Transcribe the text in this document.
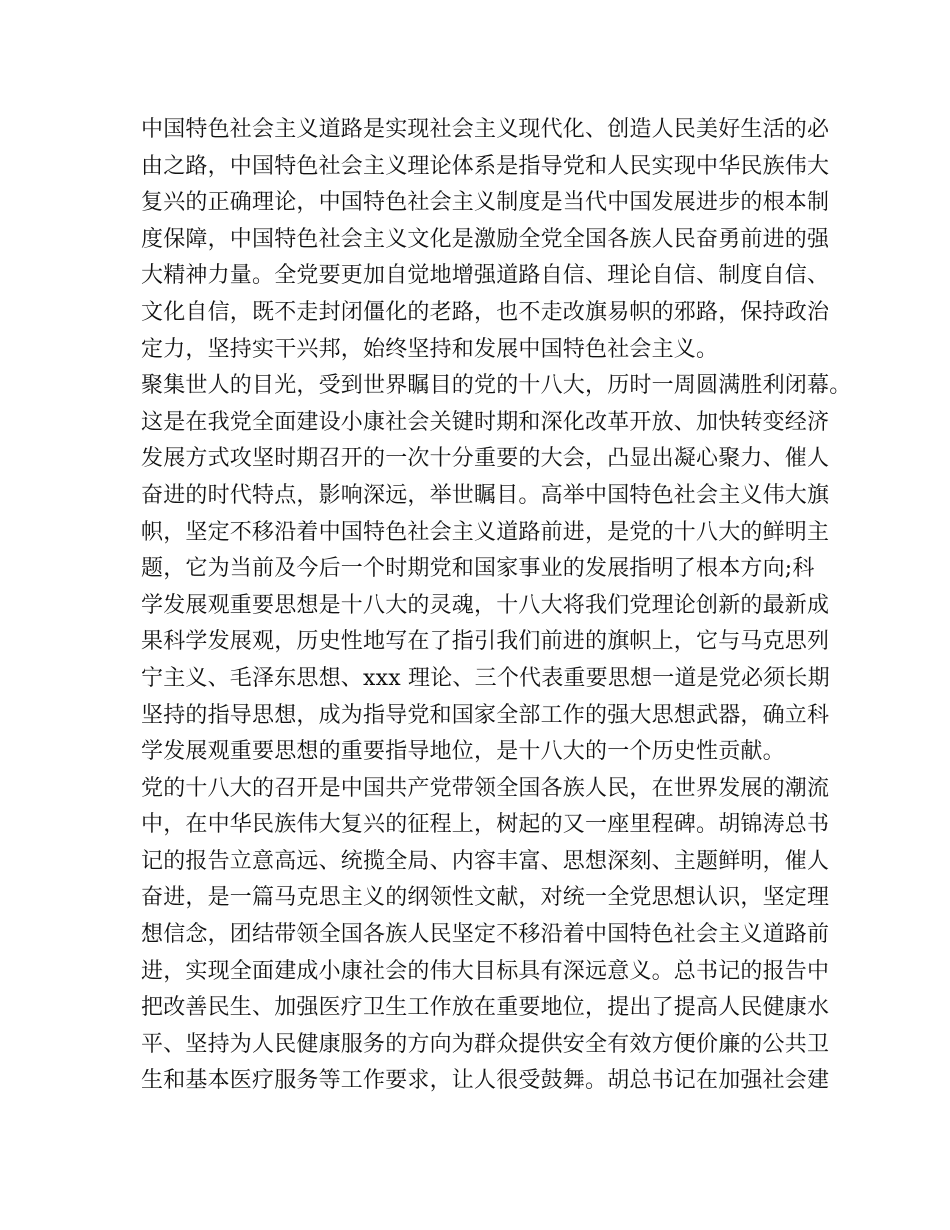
中国特色社会主义道路是实现社会主义现代化、创造人民美好生活的必
由之路，中国特色社会主义理论体系是指导党和人民实现中华民族伟大
复兴的正确理论，中国特色社会主义制度是当代中国发展进步的根本制
度保障，中国特色社会主义文化是激励全党全国各族人民奋勇前进的强
大精神力量。全党要更加自觉地增强道路自信、理论自信、制度自信、
文化自信，既不走封闭僵化的老路，也不走改旗易帜的邪路，保持政治
定力，坚持实干兴邦，始终坚持和发展中国特色社会主义。
聚集世人的目光，受到世界瞩目的党的十八大，历时一周圆满胜利闭幕。
这是在我党全面建设小康社会关键时期和深化改革开放、加快转变经济
发展方式攻坚时期召开的一次十分重要的大会，凸显出凝心聚力、催人
奋进的时代特点，影响深远，举世瞩目。高举中国特色社会主义伟大旗
帜，坚定不移沿着中国特色社会主义道路前进，是党的十八大的鲜明主
题，它为当前及今后一个时期党和国家事业的发展指明了根本方向;科
学发展观重要思想是十八大的灵魂，十八大将我们党理论创新的最新成
果科学发展观，历史性地写在了指引我们前进的旗帜上，它与马克思列
宁主义、毛泽东思想、xxx 理论、三个代表重要思想一道是党必须长期
坚持的指导思想，成为指导党和国家全部工作的强大思想武器，确立科
学发展观重要思想的重要指导地位，是十八大的一个历史性贡献。
党的十八大的召开是中国共产党带领全国各族人民，在世界发展的潮流
中，在中华民族伟大复兴的征程上，树起的又一座里程碑。胡锦涛总书
记的报告立意高远、统揽全局、内容丰富、思想深刻、主题鲜明，催人
奋进，是一篇马克思主义的纲领性文献，对统一全党思想认识，坚定理
想信念，团结带领全国各族人民坚定不移沿着中国特色社会主义道路前
进，实现全面建成小康社会的伟大目标具有深远意义。总书记的报告中
把改善民生、加强医疗卫生工作放在重要地位，提出了提高人民健康水
平、坚持为人民健康服务的方向为群众提供安全有效方便价廉的公共卫
生和基本医疗服务等工作要求，让人很受鼓舞。胡总书记在加强社会建
